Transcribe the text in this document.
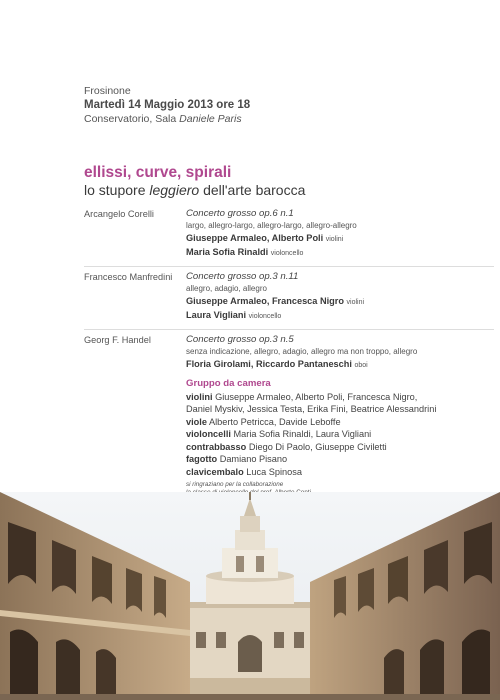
Frosinone
Martedì 14 Maggio 2013 ore 18
Conservatorio, Sala Daniele Paris
ellissi, curve, spirali
lo stupore leggiero dell'arte barocca
Arcangelo Corelli	Concerto grosso op.6 n.1
largo, allegro-largo, allegro-largo, allegro-allegro
Giuseppe Armaleo, Alberto Poli violini
Maria Sofia Rinaldi violoncello
Francesco Manfredini	Concerto grosso op.3 n.11
allegro, adagio, allegro
Giuseppe Armaleo, Francesca Nigro violini
Laura Vigliani violoncello
Georg F. Handel	Concerto grosso op.3 n.5
senza indicazione, allegro, adagio, allegro ma non troppo, allegro
Floria Girolami, Riccardo Pantaneschi oboi
Gruppo da camera
violini Giuseppe Armaleo, Alberto Poli, Francesca Nigro,
Daniel Myskiv, Jessica Testa, Erika Fini, Beatrice Alessandrini
viole Alberto Petricca, Davide Leboffe
violoncelli Maria Sofia Rinaldi, Laura Vigliani
contrabbasso Diego Di Paolo, Giuseppe Civiletti
fagotto Damiano Pisano
clavicembalo Luca Spinosa
si ringraziano per la collaborazione
